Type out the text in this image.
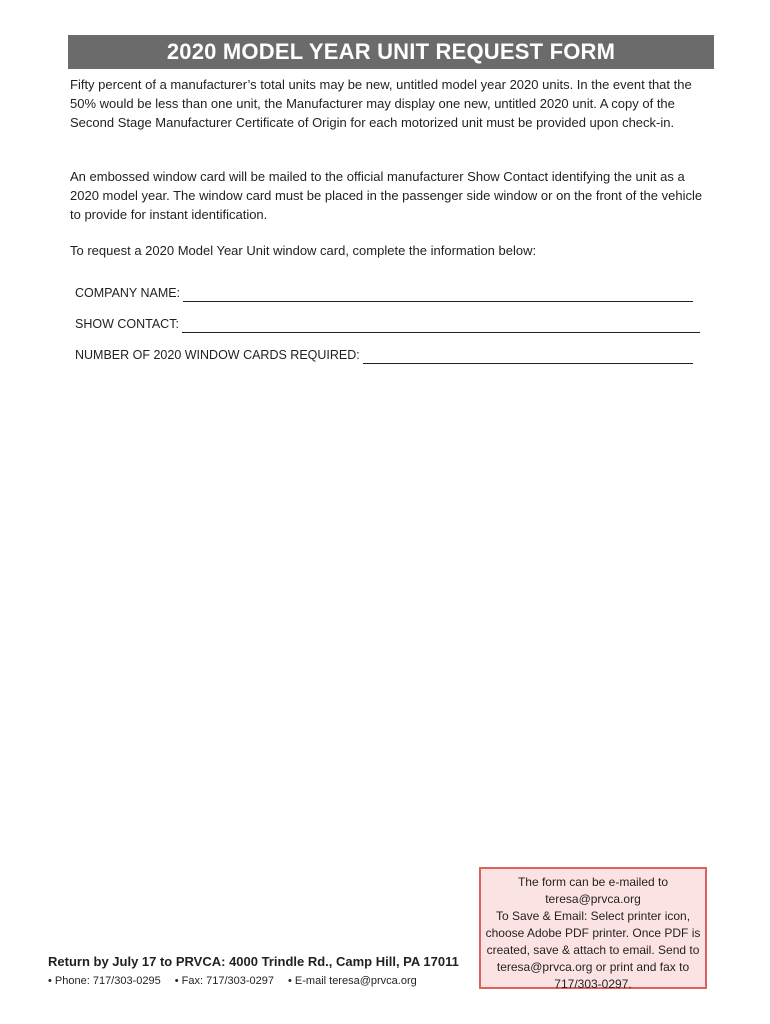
2020 MODEL YEAR UNIT REQUEST FORM

Fifty percent of a manufacturer’s total units may be new, untitled model year 2020 units. In the event that the 50% would be less than one unit, the Manufacturer may display one new, untitled 2020 unit. A copy of the Second Stage Manufacturer Certificate of Origin for each motorized unit must be provided upon check-in.

An embossed window card will be mailed to the official manufacturer Show Contact identifying the unit as a 2020 model year. The window card must be placed in the passenger side window or on the front of the vehicle to provide for instant identification.

To request a 2020 Model Year Unit window card, complete the information below:

COMPANY NAME:
SHOW CONTACT:
NUMBER OF 2020 WINDOW CARDS REQUIRED:
Return by July 17 to PRVCA: 4000 Trindle Rd., Camp Hill, PA 17011
• Phone: 717/303-0295 • Fax: 717/303-0297 • E-mail teresa@prvca.org

The form can be e-mailed to teresa@prvca.org

To Save & Email: Select printer icon, choose Adobe PDF printer. Once PDF is created, save & attach to email. Send to teresa@prvca.org or print and fax to 717/303-0297.
